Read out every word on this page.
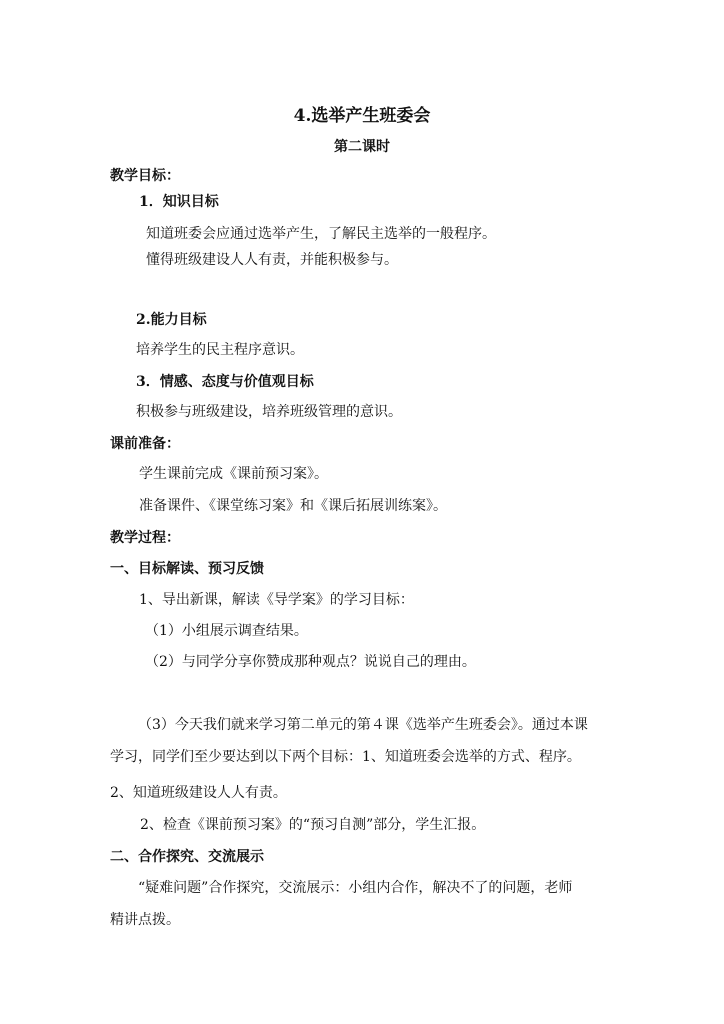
4.选举产生班委会
第二课时
教学目标：
1．知识目标
知道班委会应通过选举产生，了解民主选举的一般程序。
懂得班级建设人人有责，并能积极参与。
2.能力目标
培养学生的民主程序意识。
3．情感、态度与价值观目标
积极参与班级建设，培养班级管理的意识。
课前准备：
学生课前完成《课前预习案》。
准备课件、《课堂练习案》和《课后拓展训练案》。
教学过程：
一、目标解读、预习反馈
1、导出新课，解读《导学案》的学习目标：
（1）小组展示调查结果。
（2）与同学分享你赞成那种观点？说说自己的理由。
（3）今天我们就来学习第二单元的第４课《选举产生班委会》。通过本课
学习，同学们至少要达到以下两个目标：1、知道班委会选举的方式、程序。
2、知道班级建设人人有责。
2、检查《课前预习案》的“预习自测”部分，学生汇报。
二、合作探究、交流展示
“疑难问题”合作探究，交流展示：小组内合作，解决不了的问题，老师
精讲点拨。
